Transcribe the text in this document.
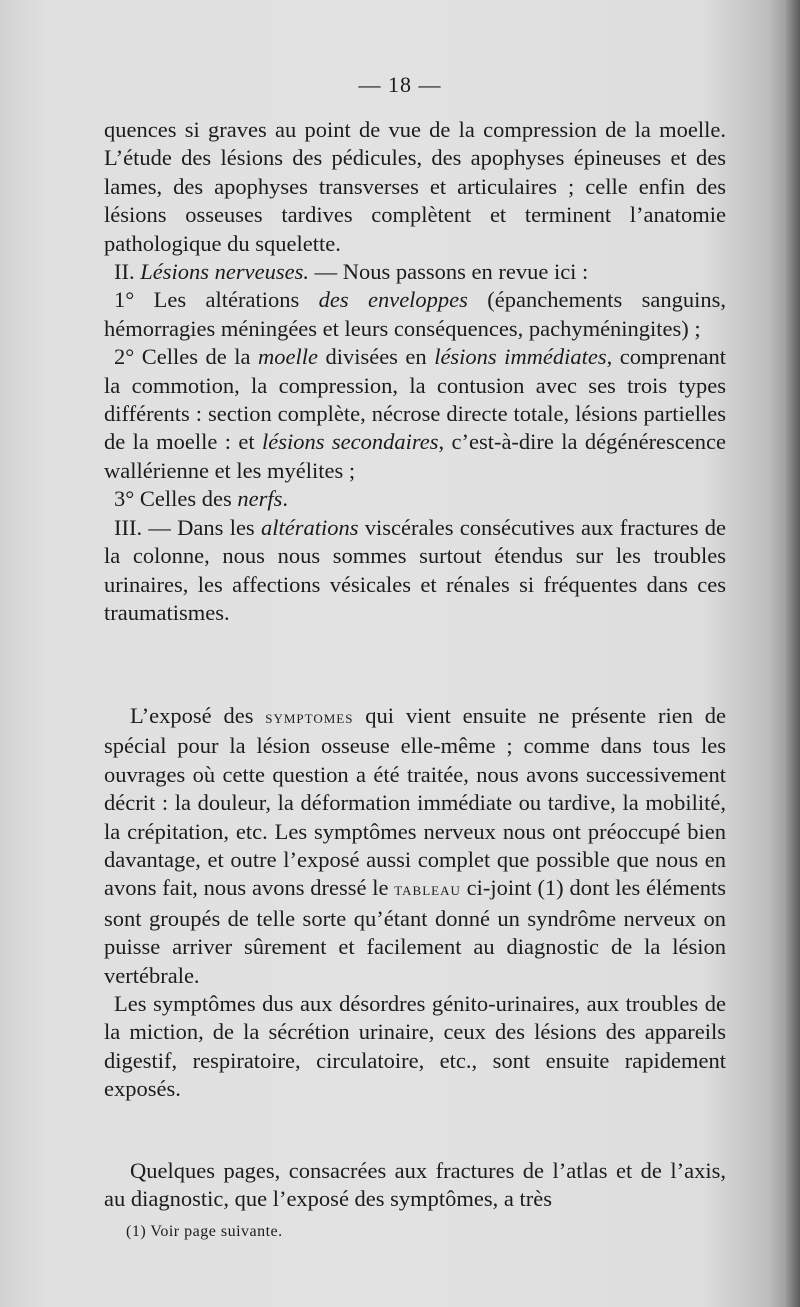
— 18 —

quences si graves au point de vue de la compression de la moelle. L’étude des lésions des pédicules, des apophyses épineuses et des lames, des apophyses transverses et articulaires ; celle enfin des lésions osseuses tardives complètent et terminent l’anatomie pathologique du squelette.

II. Lésions nerveuses. — Nous passons en revue ici :

1° Les altérations des enveloppes (épanchements sanguins, hémorragies méningées et leurs conséquences, pachyméningites) ;

2° Celles de la moelle divisées en lésions immédiates, comprenant la commotion, la compression, la contusion avec ses trois types différents : section complète, nécrose directe totale, lésions partielles de la moelle : et lésions secondaires, c’est-à-dire la dégénérescence wallérienne et les myélites ;

3° Celles des nerfs.

III. — Dans les altérations viscérales consécutives aux fractures de la colonne, nous nous sommes surtout étendus sur les troubles urinaires, les affections vésicales et rénales si fréquentes dans ces traumatismes.

L’exposé des symptomes qui vient ensuite ne présente rien de spécial pour la lésion osseuse elle-même ; comme dans tous les ouvrages où cette question a été traitée, nous avons successivement décrit : la douleur, la déformation immédiate ou tardive, la mobilité, la crépitation, etc. Les symptômes nerveux nous ont préoccupé bien davantage, et outre l’exposé aussi complet que possible que nous en avons fait, nous avons dressé le tableau ci-joint (1) dont les éléments sont groupés de telle sorte qu’étant donné un syndrôme nerveux on puisse arriver sûrement et facilement au diagnostic de la lésion vertébrale.

Les symptômes dus aux désordres génito-urinaires, aux troubles de la miction, de la sécrétion urinaire, ceux des lésions des appareils digestif, respiratoire, circulatoire, etc., sont ensuite rapidement exposés.

Quelques pages, consacrées aux fractures de l’atlas et de l’axis, au diagnostic, que l’exposé des symptômes, a très

(1) Voir page suivante.
